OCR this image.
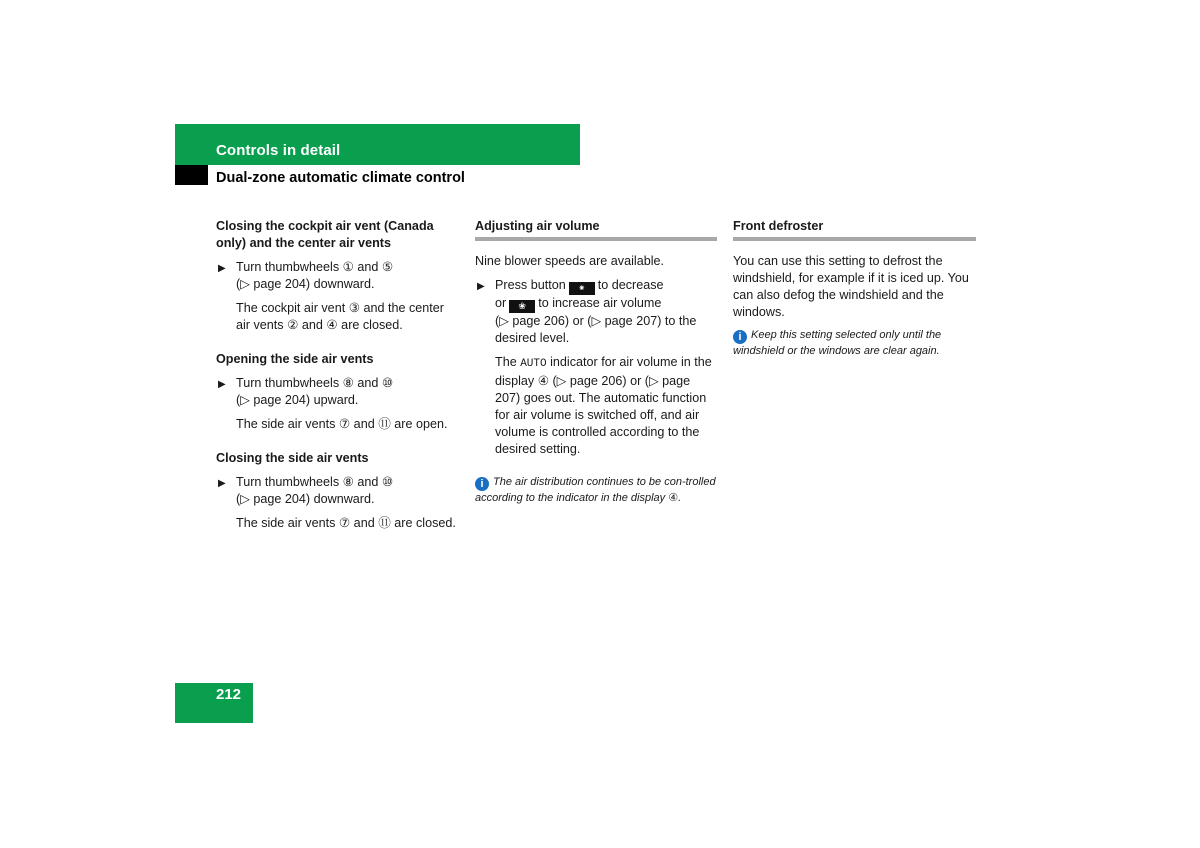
Controls in detail
Dual-zone automatic climate control

Closing the cockpit air vent (Canada only) and the center air vents

▶ Turn thumbwheels ① and ⑤
(▷ page 204) downward.

The cockpit air vent ③ and the center air vents ② and ④ are closed.

Opening the side air vents

▶ Turn thumbwheels ⑧ and ⑩
(▷ page 204) upward.

The side air vents ⑦ and ⑪ are open.

Closing the side air vents

▶ Turn thumbwheels ⑧ and ⑩
(▷ page 204) downward.

The side air vents ⑦ and ⑪ are closed.

Adjusting air volume

Nine blower speeds are available.

▶ Press button ⁕ to decrease
or ❀ to increase air volume
(▷ page 206) or (▷ page 207) to the desired level.

The AUTO indicator for air volume in the display ④ (▷ page 206) or (▷ page 207) goes out. The automatic function for air volume is switched off, and air volume is controlled according to the desired setting.

i The air distribution continues to be con-trolled according to the indicator in the display ④.

Front defroster

You can use this setting to defrost the windshield, for example if it is iced up. You can also defog the windshield and the windows.

i Keep this setting selected only until the windshield or the windows are clear again.

212
